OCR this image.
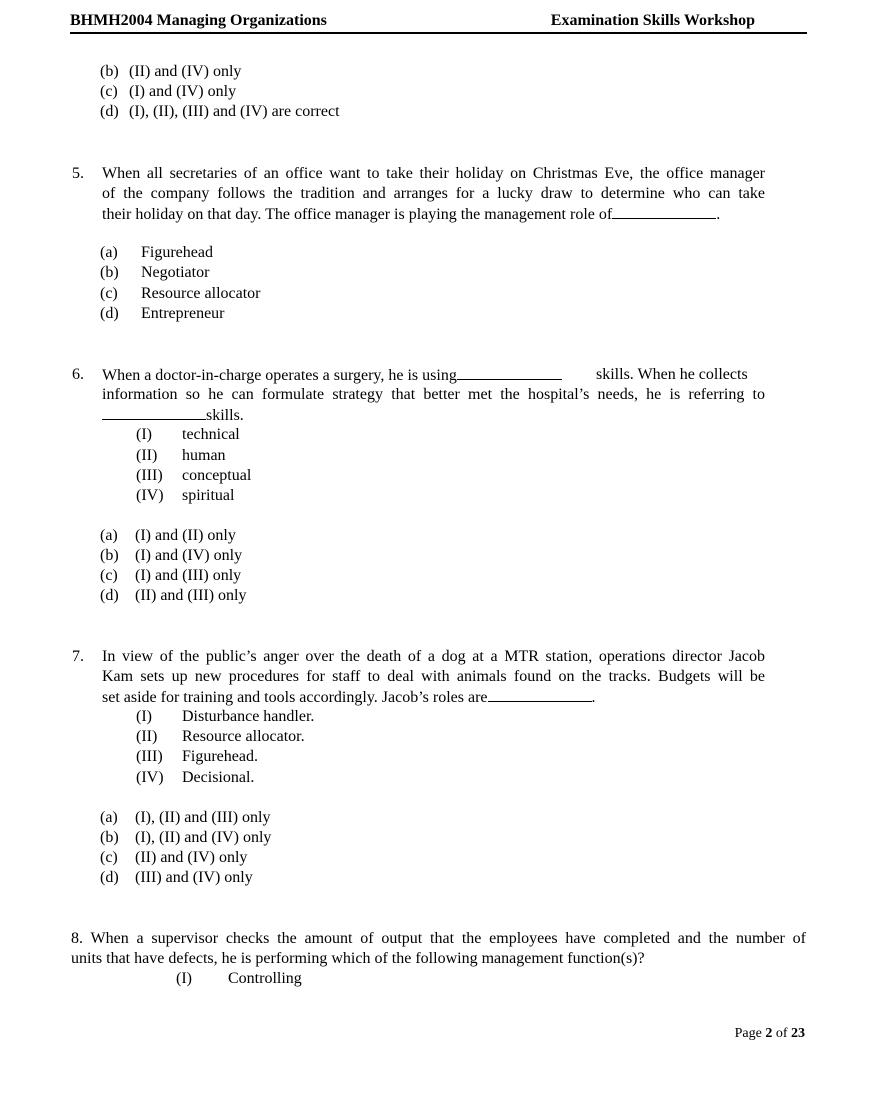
BHMH2004 Managing Organizations	Examination Skills Workshop
(b) (II) and (IV) only
(c) (I) and (IV) only
(d) (I), (II), (III) and (IV) are correct
5. When all secretaries of an office want to take their holiday on Christmas Eve, the office manager
of the company follows the tradition and arranges for a lucky draw to determine who can take
their holiday on that day. The office manager is playing the management role of	.
(a) Figurehead
(b) Negotiator
(c) Resource allocator
(d) Entrepreneur
6. When a doctor-in-charge operates a surgery, he is using	skills. When he collects
information so he can formulate strategy that better met the hospital’s needs, he is referring to
skills.
(I) technical
(II) human
(III) conceptual
(IV) spiritual
(a) (I) and (II) only
(b) (I) and (IV) only
(c) (I) and (III) only
(d) (II) and (III) only
7. In view of the public’s anger over the death of a dog at a MTR station, operations director Jacob
Kam sets up new procedures for staff to deal with animals found on the tracks. Budgets will be
set aside for training and tools accordingly. Jacob’s roles are	.
(I) Disturbance handler.
(II) Resource allocator.
(III) Figurehead.
(IV) Decisional.
(a) (I), (II) and (III) only
(b) (I), (II) and (IV) only
(c) (II) and (IV) only
(d) (III) and (IV) only
8. When a supervisor checks the amount of output that the employees have completed and the number of
units that have defects, he is performing which of the following management function(s)?
(I) Controlling
Page 2 of 23
